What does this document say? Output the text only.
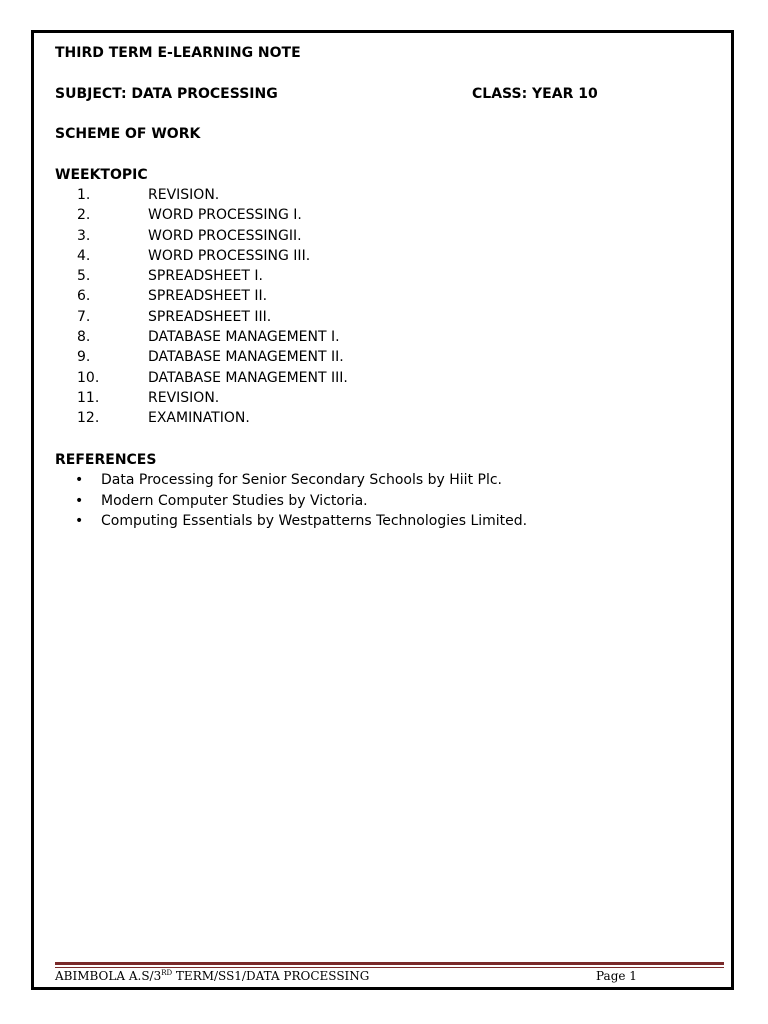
THIRD TERM E-LEARNING NOTE
SUBJECT: DATA PROCESSING	CLASS: YEAR 10
SCHEME OF WORK
WEEKTOPIC
1.	REVISION.
2.	WORD PROCESSING I.
3.	WORD PROCESSINGII.
4.	WORD PROCESSING III.
5.	SPREADSHEET I.
6.	SPREADSHEET II.
7.	SPREADSHEET III.
8.	DATABASE MANAGEMENT I.
9.	DATABASE MANAGEMENT II.
10.	DATABASE MANAGEMENT III.
11.	REVISION.
12.	EXAMINATION.
REFERENCES
• Data Processing for Senior Secondary Schools by Hiit Plc.
• Modern Computer Studies by Victoria.
• Computing Essentials by Westpatterns Technologies Limited.
ABIMBOLA A.S/3RD TERM/SS1/DATA PROCESSING	Page 1
